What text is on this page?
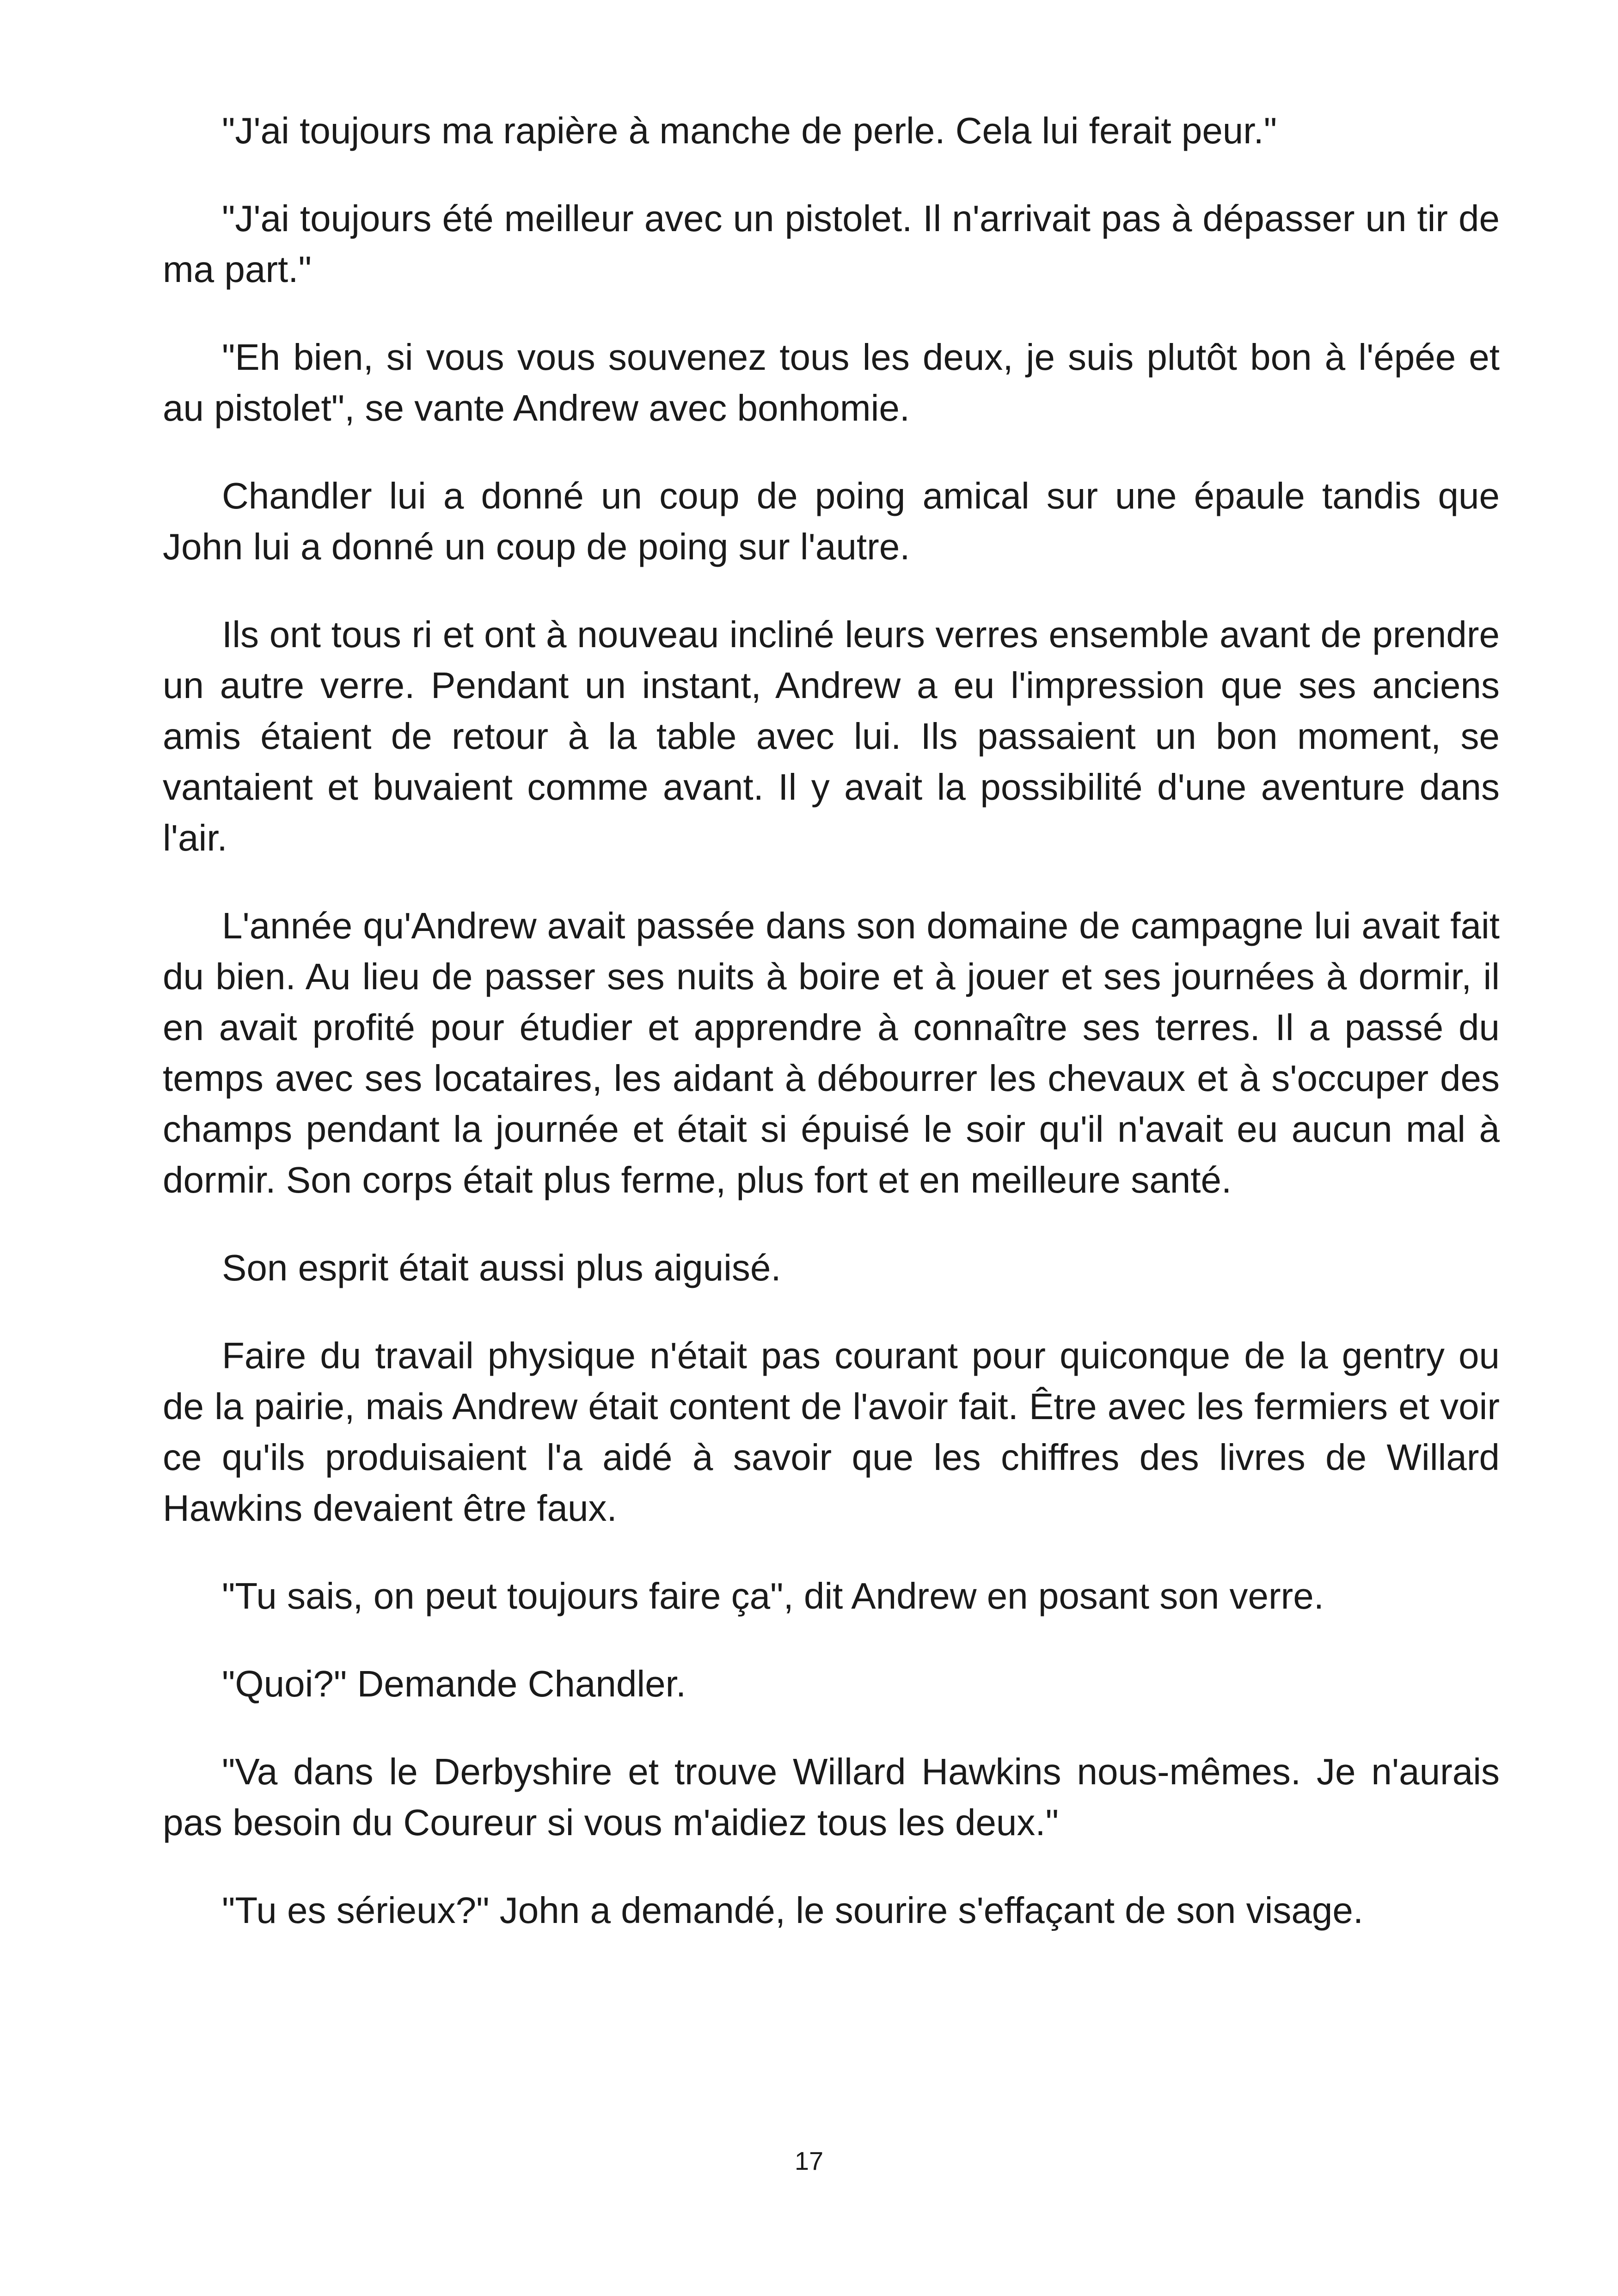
"J'ai toujours ma rapière à manche de perle. Cela lui ferait peur."

"J'ai toujours été meilleur avec un pistolet. Il n'arrivait pas à dépasser un tir de ma part."

"Eh bien, si vous vous souvenez tous les deux, je suis plutôt bon à l'épée et au pistolet", se vante Andrew avec bonhomie.

Chandler lui a donné un coup de poing amical sur une épaule tandis que John lui a donné un coup de poing sur l'autre.

Ils ont tous ri et ont à nouveau incliné leurs verres ensemble avant de prendre un autre verre. Pendant un instant, Andrew a eu l'impression que ses anciens amis étaient de retour à la table avec lui. Ils passaient un bon moment, se vantaient et buvaient comme avant. Il y avait la possibilité d'une aventure dans l'air.

L'année qu'Andrew avait passée dans son domaine de campagne lui avait fait du bien. Au lieu de passer ses nuits à boire et à jouer et ses journées à dormir, il en avait profité pour étudier et apprendre à connaître ses terres. Il a passé du temps avec ses locataires, les aidant à débourrer les chevaux et à s'occuper des champs pendant la journée et était si épuisé le soir qu'il n'avait eu aucun mal à dormir. Son corps était plus ferme, plus fort et en meilleure santé.

Son esprit était aussi plus aiguisé.

Faire du travail physique n'était pas courant pour quiconque de la gentry ou de la pairie, mais Andrew était content de l'avoir fait. Être avec les fermiers et voir ce qu'ils produisaient l'a aidé à savoir que les chiffres des livres de Willard Hawkins devaient être faux.

"Tu sais, on peut toujours faire ça", dit Andrew en posant son verre.

"Quoi?" Demande Chandler.

"Va dans le Derbyshire et trouve Willard Hawkins nous-mêmes. Je n'aurais pas besoin du Coureur si vous m'aidiez tous les deux."

"Tu es sérieux?" John a demandé, le sourire s'effaçant de son visage.

17
